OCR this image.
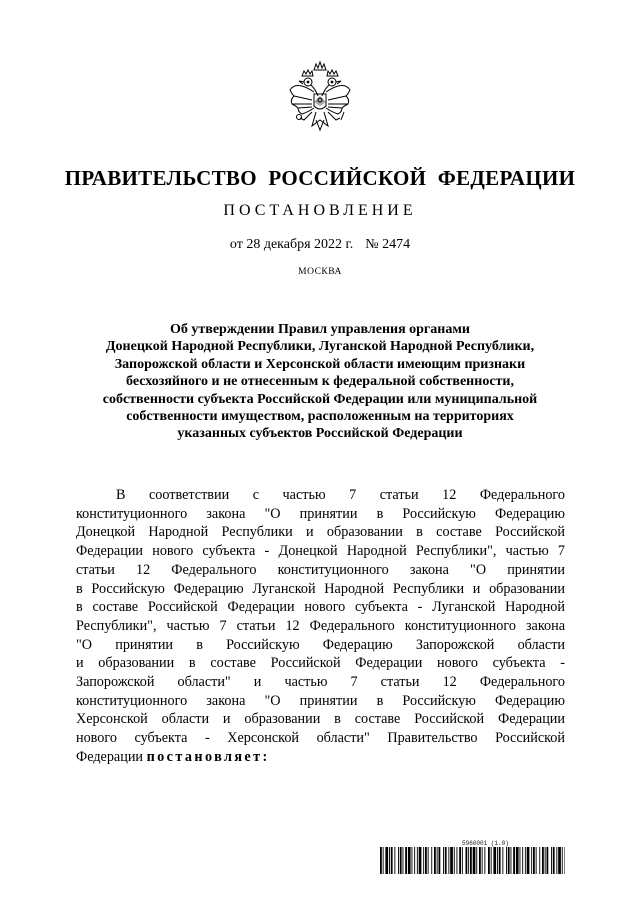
ПРАВИТЕЛЬСТВО РОССИЙСКОЙ ФЕДЕРАЦИИ
ПОСТАНОВЛЕНИЕ
от 28 декабря 2022 г. № 2474
МОСКВА
Об утверждении Правил управления органами
Донецкой Народной Республики, Луганской Народной Республики,
Запорожской области и Херсонской области имеющим признаки
бесхозяйного и не отнесенным к федеральной собственности,
собственности субъекта Российской Федерации или муниципальной
собственности имуществом, расположенным на территориях
указанных субъектов Российской Федерации
В соответствии с частью 7 статьи 12 Федерального
конституционного закона "О принятии в Российскую Федерацию
Донецкой Народной Республики и образовании в составе Российской
Федерации нового субъекта - Донецкой Народной Республики", частью 7
статьи 12 Федерального конституционного закона "О принятии
в Российскую Федерацию Луганской Народной Республики и образовании
в составе Российской Федерации нового субъекта - Луганской Народной
Республики", частью 7 статьи 12 Федерального конституционного закона
"О принятии в Российскую Федерацию Запорожской области
и образовании в составе Российской Федерации нового субъекта -
Запорожской области" и частью 7 статьи 12 Федерального
конституционного закона "О принятии в Российскую Федерацию
Херсонской области и образовании в составе Российской Федерации
нового субъекта - Херсонской области" Правительство Российской
Федерации постановляет:
5960001 (1.0)
